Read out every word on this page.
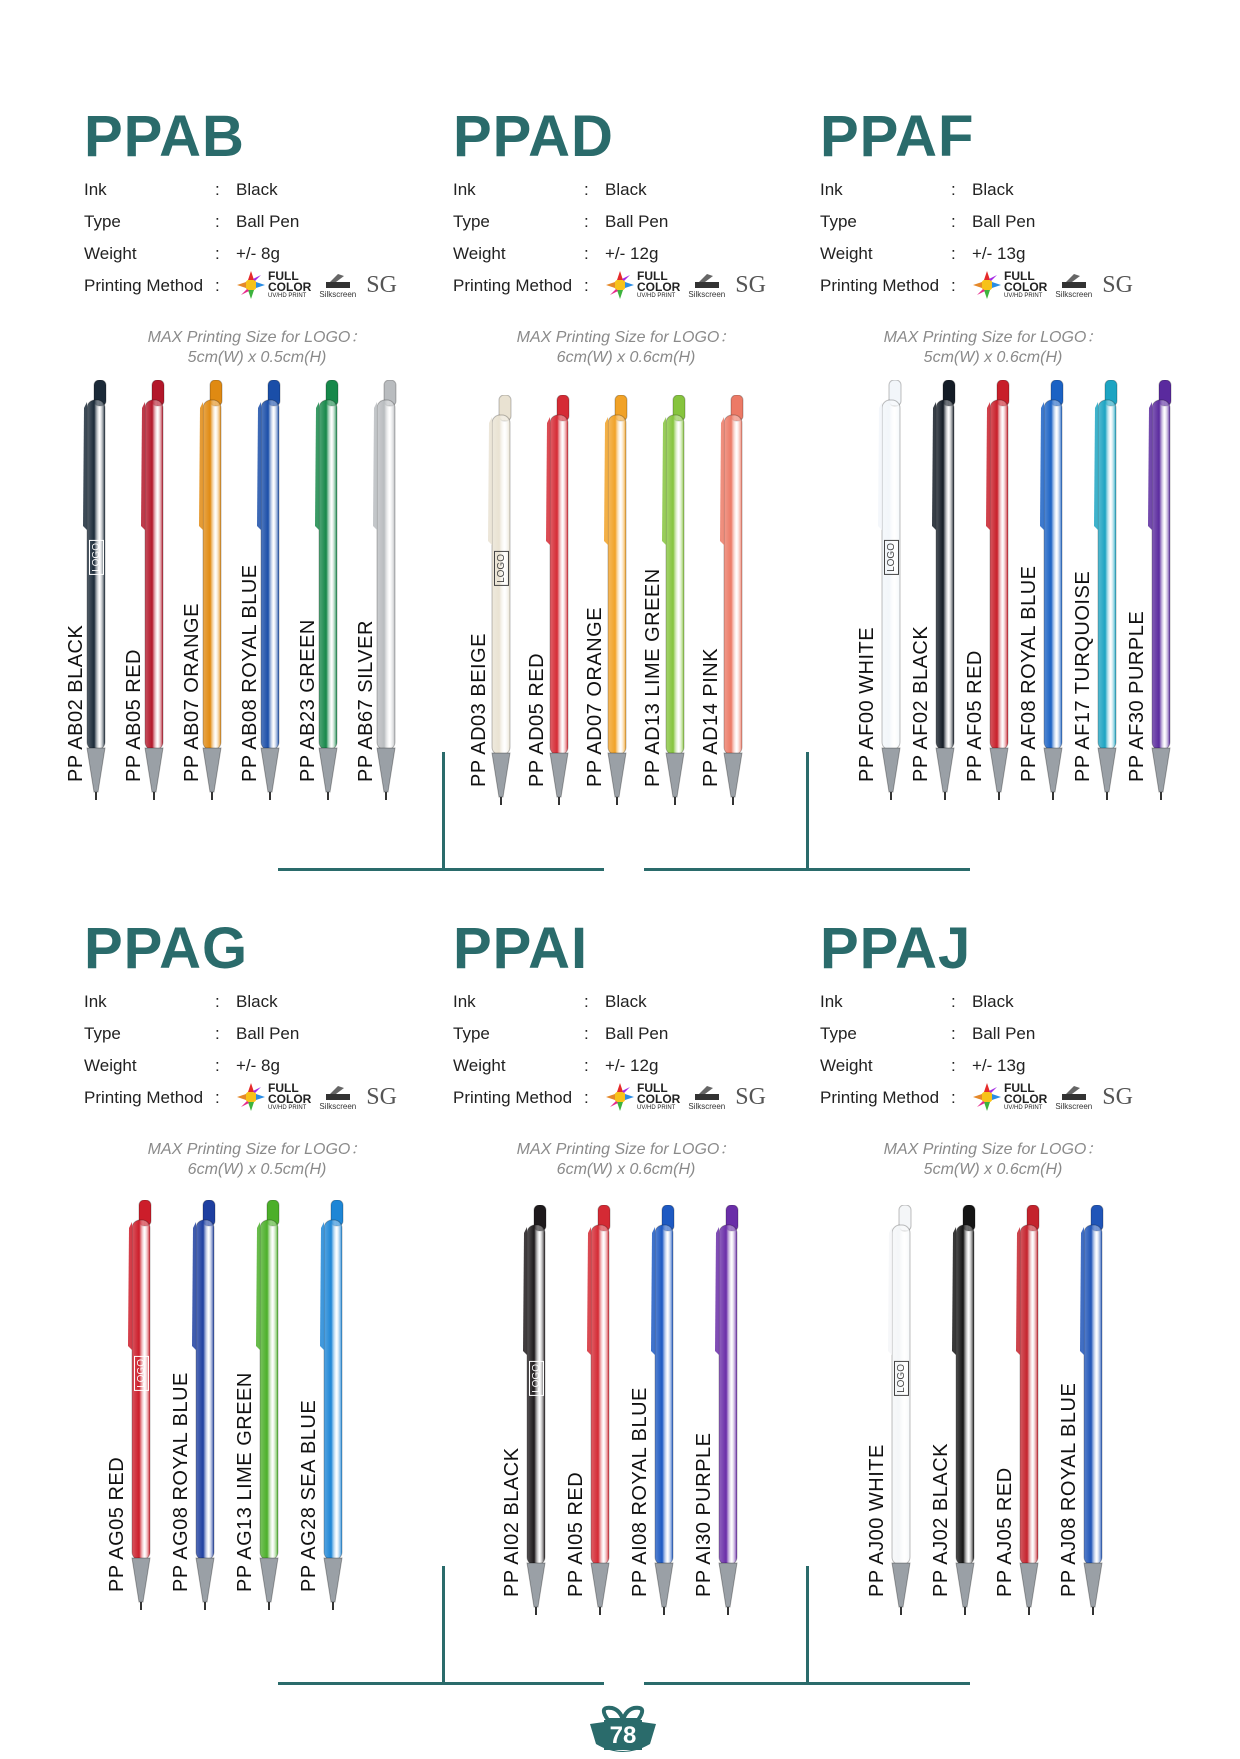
PPAB
Ink	: Black
Type	: Ball Pen
Weight	: +/- 8g
Printing Method :
FULL
COLOR
UV/HD PRINT	Silkscreen SG
MAX Printing Size for LOGO：
5cm(W) x 0.5cm(H)
LOGO
PP AB02 BLACK PP AB05 RED PP AB07 ORANGE PP AB08 ROYAL BLUE PP AB23 GREEN PP AB67 SILVER
PPAD
Ink	: Black
Type	: Ball Pen
Weight	: +/- 12g
Printing Method :
FULL
COLOR
UV/HD PRINT	Silkscreen SG
MAX Printing Size for LOGO：
6cm(W) x 0.6cm(H)
LOGO
PP AD03 BEIGE PP AD05 RED PP AD07 ORANGE PP AD13 LIME GREEN PP AD14 PINK
PPAF
Ink	: Black
Type	: Ball Pen
Weight	: +/- 13g
Printing Method :
FULL
COLOR
UV/HD PRINT	Silkscreen SG
MAX Printing Size for LOGO：
5cm(W) x 0.6cm(H)
LOGO
PP AF00 WHITE PP AF02 BLACK PP AF05 RED PP AF08 ROYAL BLUE PP AF17 TURQUOISE PP AF30 PURPLE
PPAG
Ink	: Black
Type	: Ball Pen
Weight	: +/- 8g
Printing Method :
FULL
COLOR
UV/HD PRINT	Silkscreen SG
MAX Printing Size for LOGO：
6cm(W) x 0.5cm(H)
LOGO
PP AG05 RED PP AG08 ROYAL BLUE PP AG13 LIME GREEN PP AG28 SEA BLUE
PPAI
Ink	: Black
Type	: Ball Pen
Weight	: +/- 12g
Printing Method :
FULL
COLOR
UV/HD PRINT	Silkscreen SG
MAX Printing Size for LOGO：
6cm(W) x 0.6cm(H)
LOGO
PP AI02 BLACK PP AI05 RED PP AI08 ROYAL BLUE PP AI30 PURPLE
PPAJ
Ink	: Black
Type	: Ball Pen
Weight	: +/- 13g
Printing Method :
FULL
COLOR
UV/HD PRINT	Silkscreen SG
MAX Printing Size for LOGO：
5cm(W) x 0.6cm(H)
LOGO
PP AJ00 WHITE PP AJ02 BLACK PP AJ05 RED PP AJ08 ROYAL BLUE
78
